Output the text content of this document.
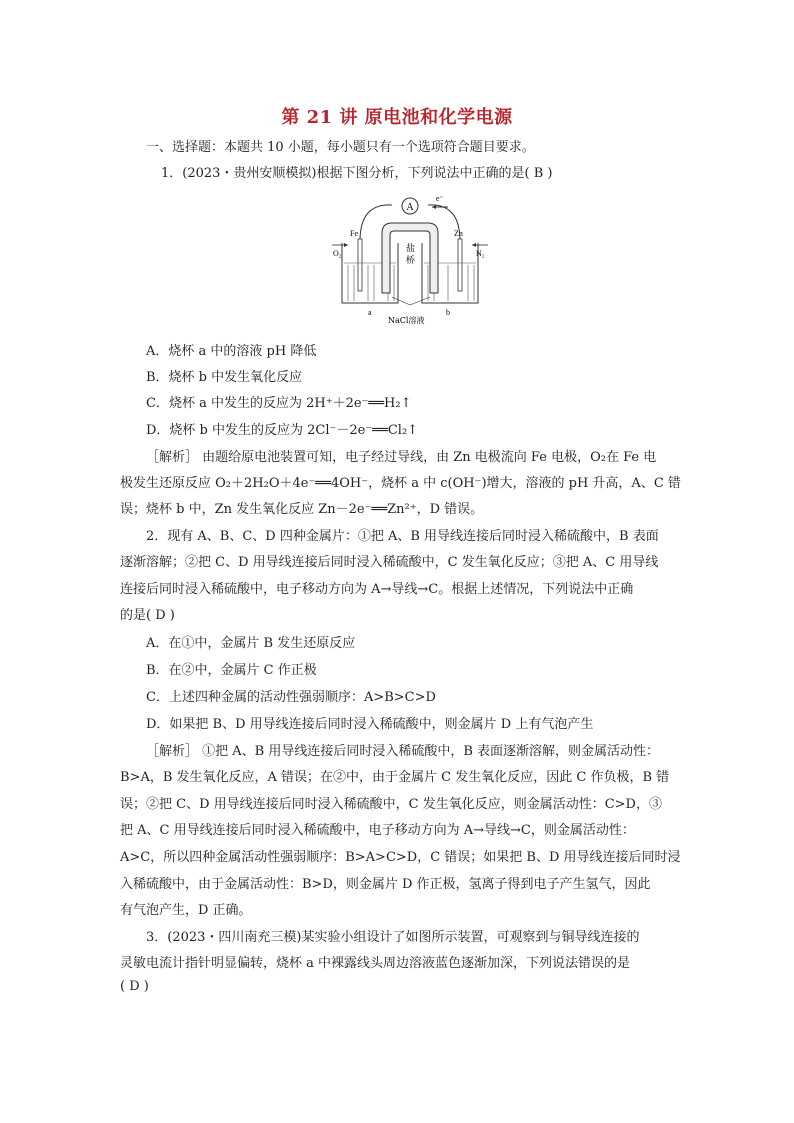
第 21 讲 原电池和化学电源
一、选择题：本题共 10 小题，每小题只有一个选项符合题目要求。
1．(2023・贵州安顺模拟)根据下图分析，下列说法中正确的是( B )
A
e⁻
Fe	Zn
O₂	N₂
盐
桥
a	b
NaCl溶液
A．烧杯 a 中的溶液 pH 降低
B．烧杯 b 中发生氧化反应
C．烧杯 a 中发生的反应为 2H⁺＋2e⁻══H₂↑
D．烧杯 b 中发生的反应为 2Cl⁻－2e⁻══Cl₂↑
［解析］ 由题给原电池装置可知，电子经过导线，由 Zn 电极流向 Fe 电极，O₂在 Fe 电
极发生还原反应 O₂＋2H₂O＋4e⁻══4OH⁻，烧杯 a 中 c(OH⁻)增大，溶液的 pH 升高，A、C 错
误；烧杯 b 中，Zn 发生氧化反应 Zn－2e⁻══Zn²⁺，D 错误。
2．现有 A、B、C、D 四种金属片：①把 A、B 用导线连接后同时浸入稀硫酸中，B 表面
逐渐溶解；②把 C、D 用导线连接后同时浸入稀硫酸中，C 发生氧化反应；③把 A、C 用导线
连接后同时浸入稀硫酸中，电子移动方向为 A→导线→C。根据上述情况，下列说法中正确
的是( D )
A．在①中，金属片 B 发生还原反应
B．在②中，金属片 C 作正极
C．上述四种金属的活动性强弱顺序：A>B>C>D
D．如果把 B、D 用导线连接后同时浸入稀硫酸中，则金属片 D 上有气泡产生
［解析］ ①把 A、B 用导线连接后同时浸入稀硫酸中，B 表面逐渐溶解，则金属活动性：
B>A，B 发生氧化反应，A 错误；在②中，由于金属片 C 发生氧化反应，因此 C 作负极，B 错
误；②把 C、D 用导线连接后同时浸入稀硫酸中，C 发生氧化反应，则金属活动性：C>D，③
把 A、C 用导线连接后同时浸入稀硫酸中，电子移动方向为 A→导线→C，则金属活动性：
A>C，所以四种金属活动性强弱顺序：B>A>C>D，C 错误；如果把 B、D 用导线连接后同时浸
入稀硫酸中，由于金属活动性：B>D，则金属片 D 作正极，氢离子得到电子产生氢气，因此
有气泡产生，D 正确。
3．(2023・四川南充三模)某实验小组设计了如图所示装置，可观察到与铜导线连接的
灵敏电流计指针明显偏转，烧杯 a 中裸露线头周边溶液蓝色逐渐加深，下列说法错误的是
( D )
